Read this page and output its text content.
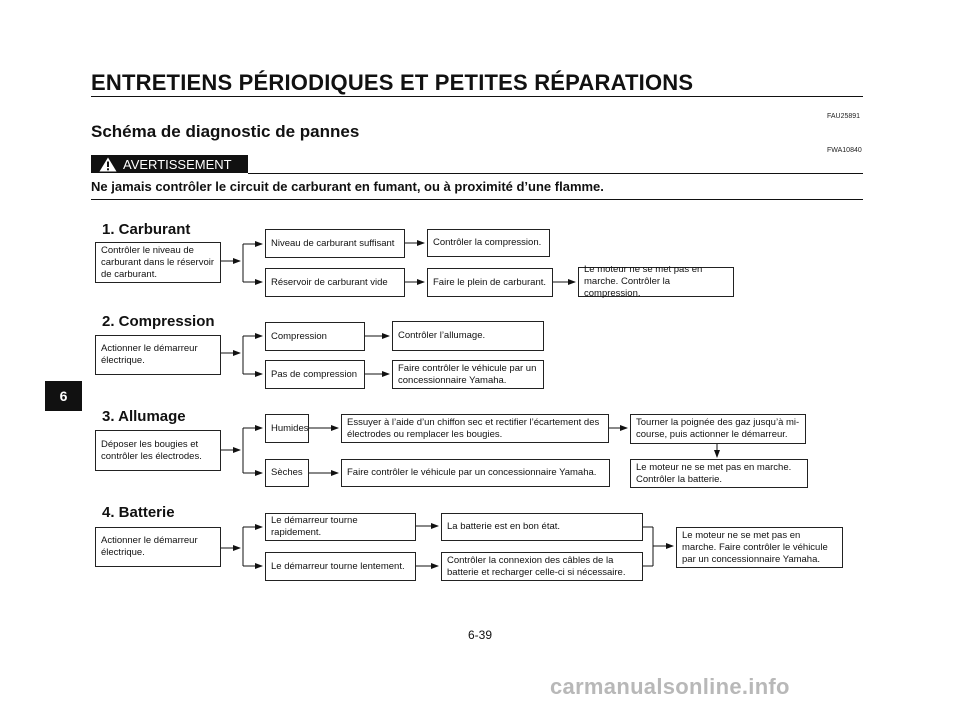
ENTRETIENS PÉRIODIQUES ET PETITES RÉPARATIONS
FAU25891
Schéma de diagnostic de pannes
FWA10840
AVERTISSEMENT
Ne jamais contrôler le circuit de carburant en fumant, ou à proximité d’une flamme.
1. Carburant
Contrôler le niveau de carburant dans le réservoir de carburant.
Niveau de carburant suffisant	Contrôler la compression.
Réservoir de carburant vide	Faire le plein de carburant.
Le moteur ne se met pas en marche. Contrôler la compression.
2. Compression
Actionner le démarreur électrique.
Compression	Contrôler l’allumage.
Pas de compression
Faire contrôler le véhicule par un concessionnaire Yamaha.
3. Allumage
Déposer les bougies et contrôler les électrodes.
Humides
Essuyer à l’aide d’un chiffon sec et rectifier l’écartement des électrodes ou remplacer les bougies.
Tourner la poignée des gaz jusqu’à mi-course, puis actionner le démarreur.
Le moteur ne se met pas en marche. Contrôler la batterie.
Sèches	Faire contrôler le véhicule par un concessionnaire Yamaha.
4. Batterie
Actionner le démarreur électrique.
Le démarreur tourne rapidement.
La batterie est en bon état.
Le démarreur tourne lentement.
Contrôler la connexion des câbles de la batterie et recharger celle-ci si nécessaire.
Le moteur ne se met pas en marche. Faire contrôler le véhicule par un concessionnaire Yamaha.
6
6-39
carmanualsonline.info
